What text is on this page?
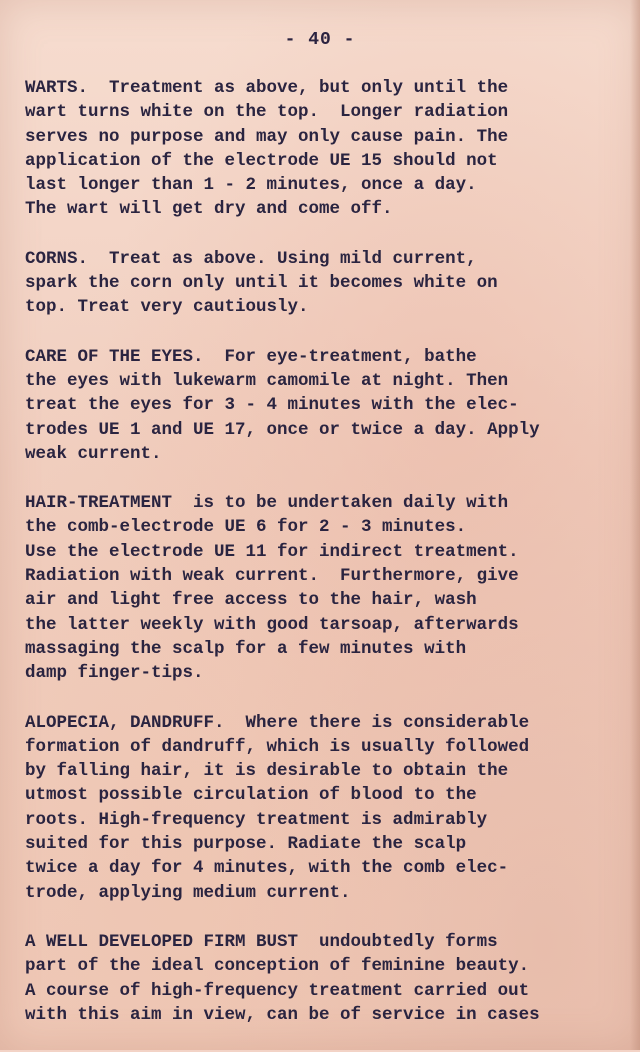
- 40 -
WARTS.  Treatment as above, but only until the
wart turns white on the top.  Longer radiation
serves no purpose and may only cause pain. The
application of the electrode UE 15 should not
last longer than 1 - 2 minutes, once a day.
The wart will get dry and come off.
CORNS.  Treat as above. Using mild current,
spark the corn only until it becomes white on
top. Treat very cautiously.
CARE OF THE EYES.  For eye-treatment, bathe
the eyes with lukewarm camomile at night. Then
treat the eyes for 3 - 4 minutes with the elec-
trodes UE 1 and UE 17, once or twice a day. Apply
weak current.
HAIR-TREATMENT  is to be undertaken daily with
the comb-electrode UE 6 for 2 - 3 minutes.
Use the electrode UE 11 for indirect treatment.
Radiation with weak current.  Furthermore, give
air and light free access to the hair, wash
the latter weekly with good tarsoap, afterwards
massaging the scalp for a few minutes with
damp finger-tips.
ALOPECIA, DANDRUFF.  Where there is considerable
formation of dandruff, which is usually followed
by falling hair, it is desirable to obtain the
utmost possible circulation of blood to the
roots. High-frequency treatment is admirably
suited for this purpose. Radiate the scalp
twice a day for 4 minutes, with the comb elec-
trode, applying medium current.
A WELL DEVELOPED FIRM BUST  undoubtedly forms
part of the ideal conception of feminine beauty.
A course of high-frequency treatment carried out
with this aim in view, can be of service in cases
